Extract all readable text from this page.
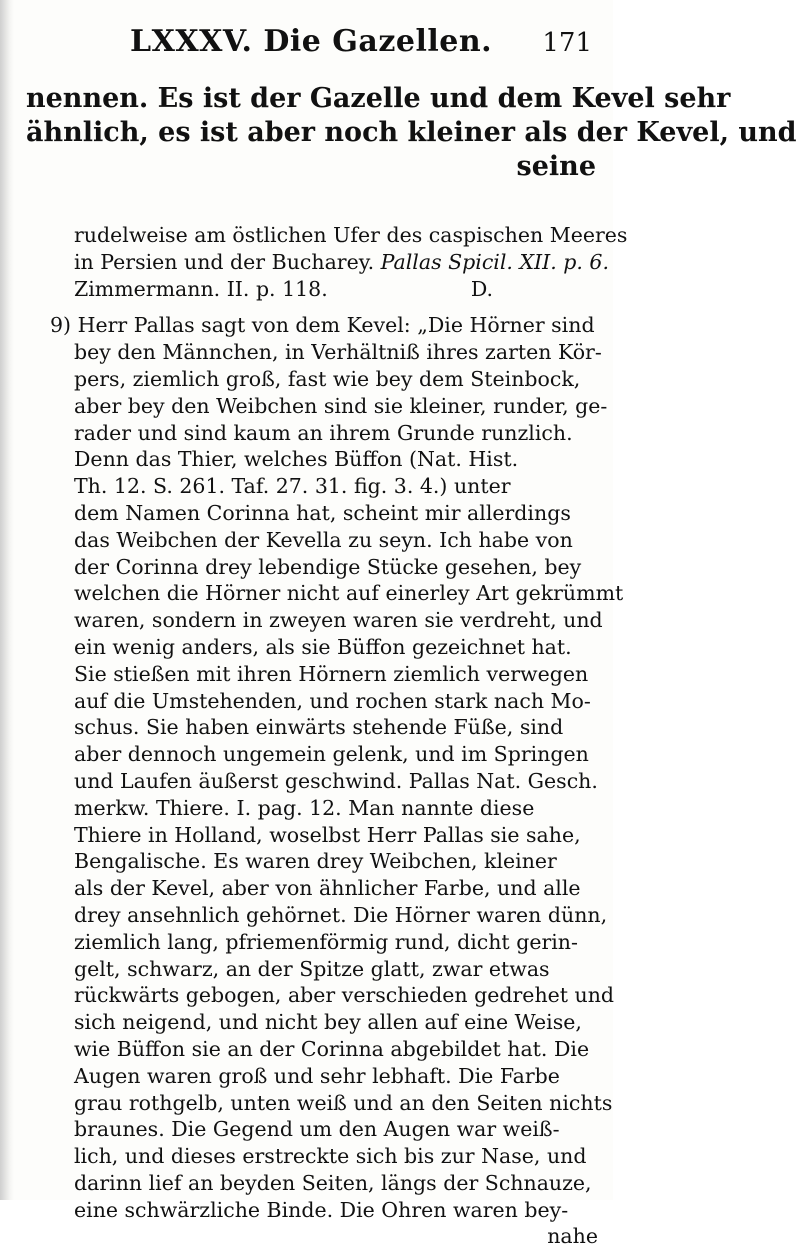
LXXXV. Die Gazellen. 171
nennen. Es ist der Gazelle und dem Kevel sehr
ähnlich, es ist aber noch kleiner als der Kevel, und
seine
rudelweise am östlichen Ufer des caspischen Meeres
in Persien und der Bucharey. Pallas Spicil. XII. p. 6.
Zimmermann. II. p. 118.	D.
9) Herr Pallas sagt von dem Kevel: „Die Hörner sind
bey den Männchen, in Verhältniß ihres zarten Kör-
pers, ziemlich groß, fast wie bey dem Steinbock,
aber bey den Weibchen sind sie kleiner, runder, ge-
rader und sind kaum an ihrem Grunde runzlich.
Denn das Thier, welches Büffon (Nat. Hist.
Th. 12. S. 261. Taf. 27. 31. fig. 3. 4.) unter
dem Namen Corinna hat, scheint mir allerdings
das Weibchen der Kevella zu seyn. Ich habe von
der Corinna drey lebendige Stücke gesehen, bey
welchen die Hörner nicht auf einerley Art gekrümmt
waren, sondern in zweyen waren sie verdreht, und
ein wenig anders, als sie Büffon gezeichnet hat.
Sie stießen mit ihren Hörnern ziemlich verwegen
auf die Umstehenden, und rochen stark nach Mo-
schus. Sie haben einwärts stehende Füße, sind
aber dennoch ungemein gelenk, und im Springen
und Laufen äußerst geschwind. Pallas Nat. Gesch.
merkw. Thiere. I. pag. 12. Man nannte diese
Thiere in Holland, woselbst Herr Pallas sie sahe,
Bengalische. Es waren drey Weibchen, kleiner
als der Kevel, aber von ähnlicher Farbe, und alle
drey ansehnlich gehörnet. Die Hörner waren dünn,
ziemlich lang, pfriemenförmig rund, dicht gerin-
gelt, schwarz, an der Spitze glatt, zwar etwas
rückwärts gebogen, aber verschieden gedrehet und
sich neigend, und nicht bey allen auf eine Weise,
wie Büffon sie an der Corinna abgebildet hat. Die
Augen waren groß und sehr lebhaft. Die Farbe
grau rothgelb, unten weiß und an den Seiten nichts
braunes. Die Gegend um den Augen war weiß-
lich, und dieses erstreckte sich bis zur Nase, und
darinn lief an beyden Seiten, längs der Schnauze,
eine schwärzliche Binde. Die Ohren waren bey-
nahe
